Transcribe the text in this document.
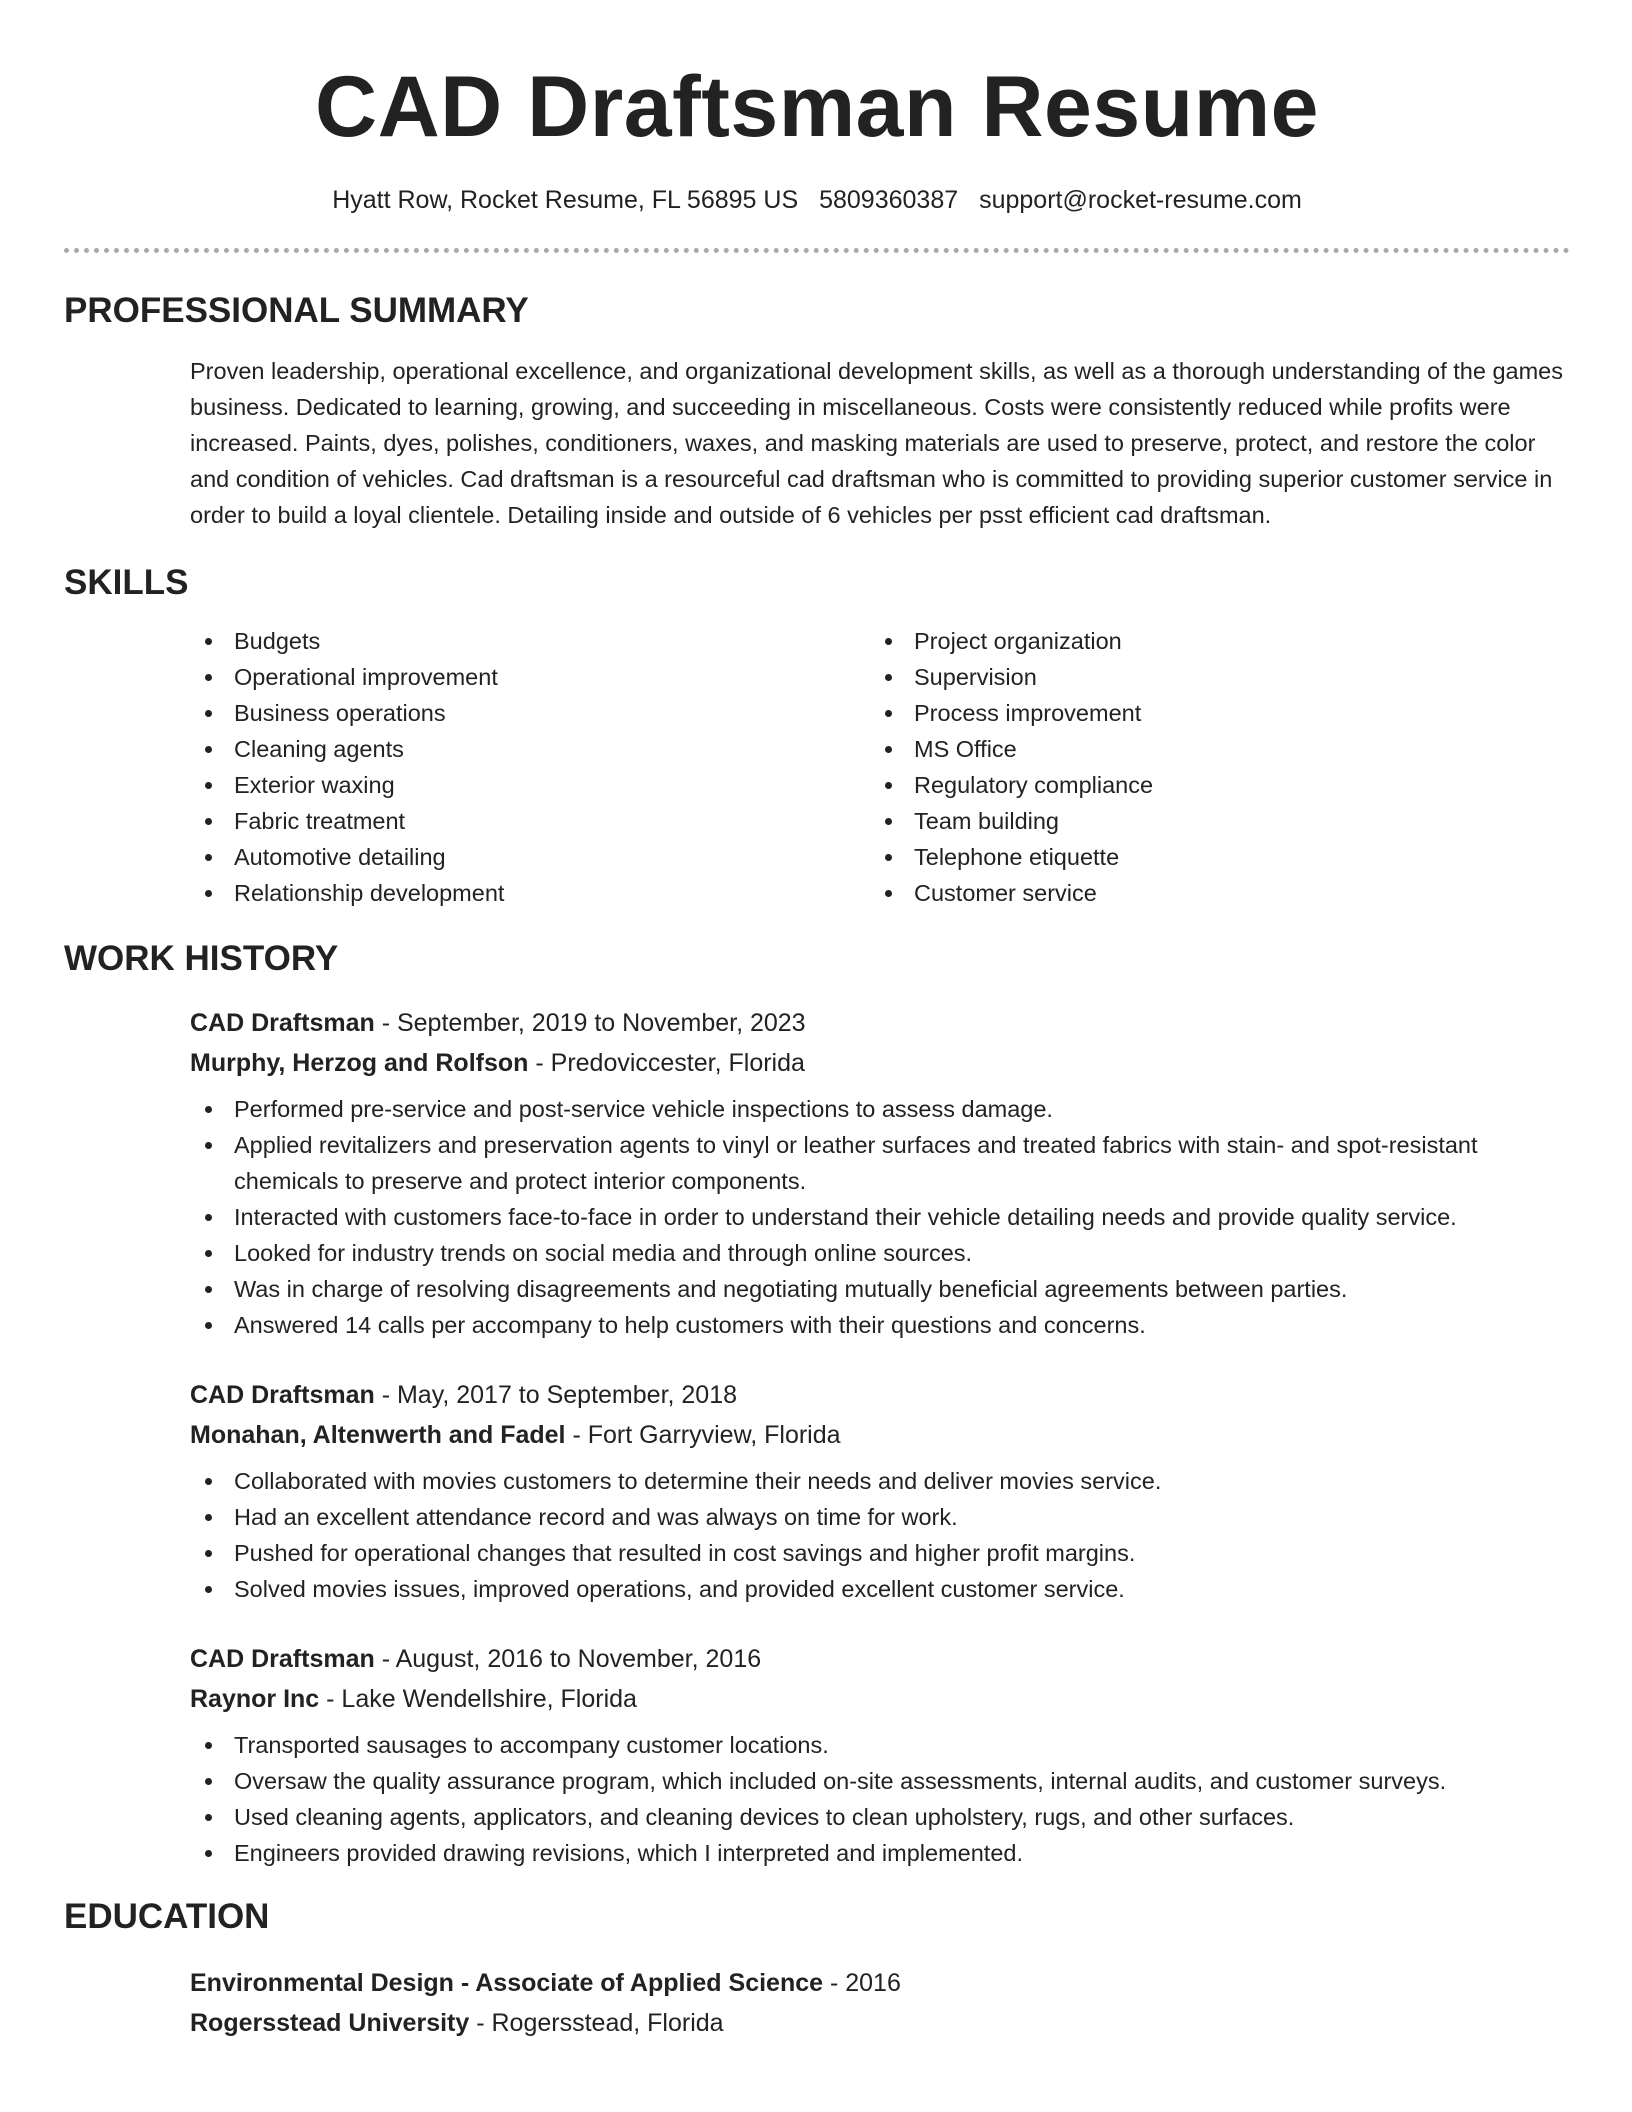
CAD Draftsman Resume
Hyatt Row, Rocket Resume, FL 56895 US 5809360387 support@rocket-resume.com
PROFESSIONAL SUMMARY

Proven leadership, operational excellence, and organizational development skills, as well as a thorough understanding of the games business. Dedicated to learning, growing, and succeeding in miscellaneous. Costs were consistently reduced while profits were increased. Paints, dyes, polishes, conditioners, waxes, and masking materials are used to preserve, protect, and restore the color and condition of vehicles. Cad draftsman is a resourceful cad draftsman who is committed to providing superior customer service in order to build a loyal clientele. Detailing inside and outside of 6 vehicles per psst efficient cad draftsman.

SKILLS
Budgets
Operational improvement
Business operations
Cleaning agents
Exterior waxing
Fabric treatment
Automotive detailing
Relationship development
Project organization
Supervision
Process improvement
MS Office
Regulatory compliance
Team building
Telephone etiquette
Customer service
WORK HISTORY
CAD Draftsman - September, 2019 to November, 2023
Murphy, Herzog and Rolfson - Predoviccester, Florida
Performed pre-service and post-service vehicle inspections to assess damage.
Applied revitalizers and preservation agents to vinyl or leather surfaces and treated fabrics with stain- and spot-resistant chemicals to preserve and protect interior components.
Interacted with customers face-to-face in order to understand their vehicle detailing needs and provide quality service.
Looked for industry trends on social media and through online sources.
Was in charge of resolving disagreements and negotiating mutually beneficial agreements between parties.
Answered 14 calls per accompany to help customers with their questions and concerns.
CAD Draftsman - May, 2017 to September, 2018
Monahan, Altenwerth and Fadel - Fort Garryview, Florida
Collaborated with movies customers to determine their needs and deliver movies service.
Had an excellent attendance record and was always on time for work.
Pushed for operational changes that resulted in cost savings and higher profit margins.
Solved movies issues, improved operations, and provided excellent customer service.
CAD Draftsman - August, 2016 to November, 2016
Raynor Inc - Lake Wendellshire, Florida
Transported sausages to accompany customer locations.
Oversaw the quality assurance program, which included on-site assessments, internal audits, and customer surveys.
Used cleaning agents, applicators, and cleaning devices to clean upholstery, rugs, and other surfaces.
Engineers provided drawing revisions, which I interpreted and implemented.
EDUCATION
Environmental Design - Associate of Applied Science - 2016
Rogersstead University - Rogersstead, Florida
